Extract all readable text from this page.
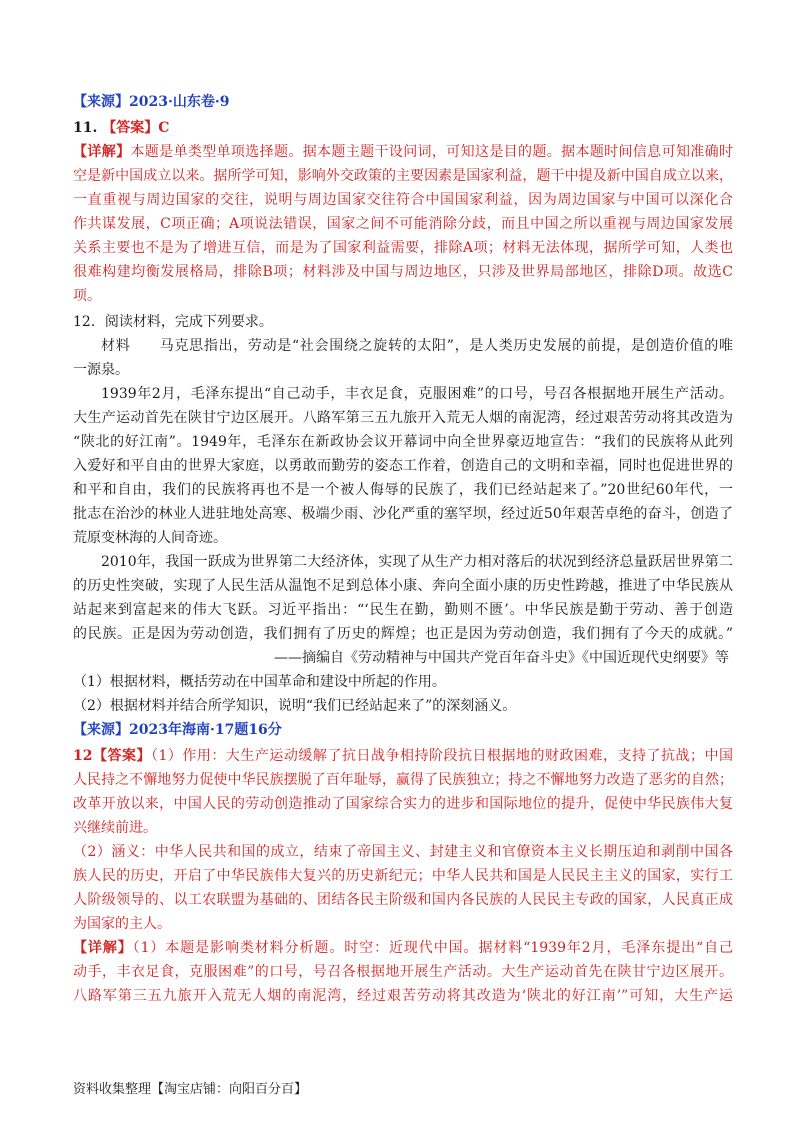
【来源】2023·山东卷·9

11. 【答案】C

【详解】本题是单类型单项选择题。据本题主题干设问词，可知这是目的题。据本题时间信息可知准确时

空是新中国成立以来。据所学可知，影响外交政策的主要因素是国家利益，题干中提及新中国自成立以来，

一直重视与周边国家的交往，说明与周边国家交往符合中国国家利益，因为周边国家与中国可以深化合

作共谋发展，C项正确；A项说法错误，国家之间不可能消除分歧，而且中国之所以重视与周边国家发展

关系主要也不是为了增进互信，而是为了国家利益需要，排除A项；材料无法体现，据所学可知，人类也

很难构建均衡发展格局，排除B项；材料涉及中国与周边地区，只涉及世界局部地区，排除D项。故选C

项。

12．阅读材料，完成下列要求。

材料　　马克思指出，劳动是“社会围绕之旋转的太阳”，是人类历史发展的前提，是创造价值的唯

一源泉。

1939年2月，毛泽东提出“自己动手，丰衣足食，克服困难”的口号，号召各根据地开展生产活动。

大生产运动首先在陕甘宁边区展开。八路军第三五九旅开入荒无人烟的南泥湾，经过艰苦劳动将其改造为

“陕北的好江南”。1949年，毛泽东在新政协会议开幕词中向全世界豪迈地宣告：“我们的民族将从此列

入爱好和平自由的世界大家庭，以勇敢而勤劳的姿态工作着，创造自己的文明和幸福，同时也促进世界的

和平和自由，我们的民族将再也不是一个被人侮辱的民族了，我们已经站起来了。”20世纪60年代，一

批志在治沙的林业人进驻地处高寒、极端少雨、沙化严重的塞罕坝，经过近50年艰苦卓绝的奋斗，创造了

荒原变林海的人间奇迹。

2010年，我国一跃成为世界第二大经济体，实现了从生产力相对落后的状况到经济总量跃居世界第二

的历史性突破，实现了人民生活从温饱不足到总体小康、奔向全面小康的历史性跨越，推进了中华民族从

站起来到富起来的伟大飞跃。习近平指出：“‘民生在勤，勤则不匮’。中华民族是勤于劳动、善于创造

的民族。正是因为劳动创造，我们拥有了历史的辉煌；也正是因为劳动创造，我们拥有了今天的成就。”

——摘编自《劳动精神与中国共产党百年奋斗史》《中国近现代史纲要》等

（1）根据材料，概括劳动在中国革命和建设中所起的作用。

（2）根据材料并结合所学知识，说明“我们已经站起来了”的深刻涵义。

【来源】2023年海南·17题16分

12【答案】（1）作用：大生产运动缓解了抗日战争相持阶段抗日根据地的财政困难，支持了抗战；中国

人民持之不懈地努力促使中华民族摆脱了百年耻辱，赢得了民族独立；持之不懈地努力改造了恶劣的自然；

改革开放以来，中国人民的劳动创造推动了国家综合实力的进步和国际地位的提升，促使中华民族伟大复

兴继续前进。

（2）涵义：中华人民共和国的成立，结束了帝国主义、封建主义和官僚资本主义长期压迫和剥削中国各

族人民的历史，开启了中华民族伟大复兴的历史新纪元；中华人民共和国是人民民主主义的国家，实行工

人阶级领导的、以工农联盟为基础的、团结各民主阶级和国内各民族的人民民主专政的国家，人民真正成

为国家的主人。

【详解】（1）本题是影响类材料分析题。时空：近现代中国。据材料“1939年2月，毛泽东提出“自己

动手，丰衣足食，克服困难”的口号，号召各根据地开展生产活动。大生产运动首先在陕甘宁边区展开。

八路军第三五九旅开入荒无人烟的南泥湾，经过艰苦劳动将其改造为‘陕北的好江南’”可知，大生产运

资料收集整理【淘宝店铺：向阳百分百】
